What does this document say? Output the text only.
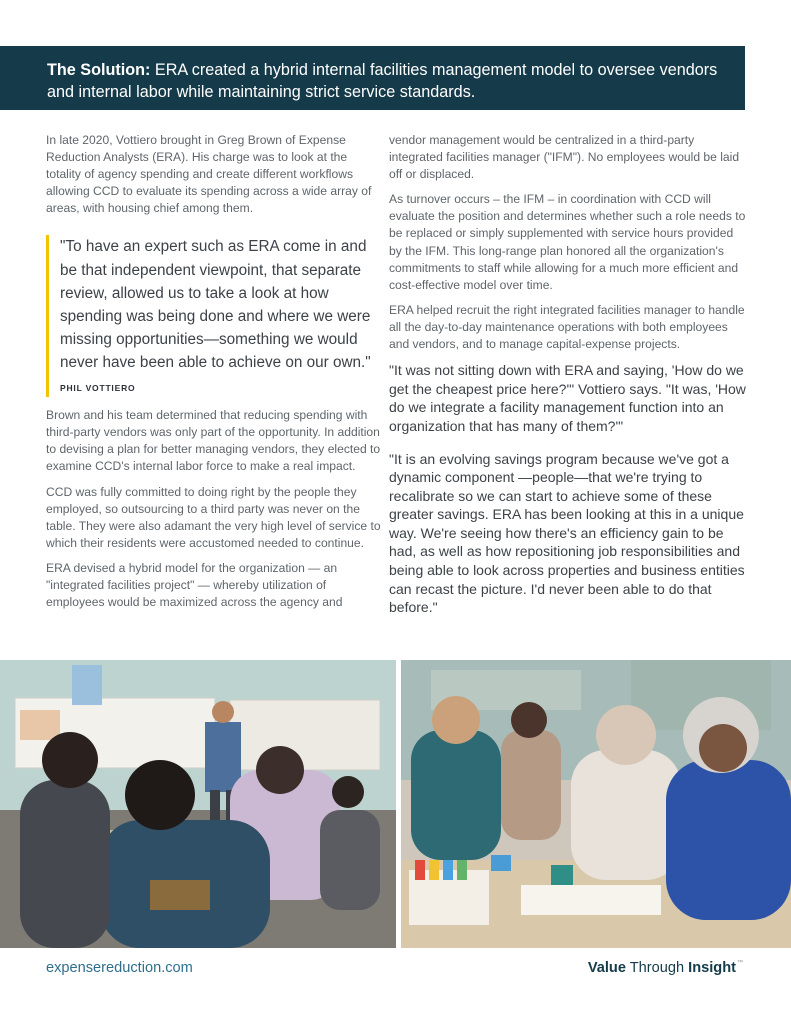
The Solution: ERA created a hybrid internal facilities management model to oversee vendors and internal labor while maintaining strict service standards.

In late 2020, Vottiero brought in Greg Brown of Expense Reduction Analysts (ERA). His charge was to look at the totality of agency spending and create different workflows allowing CCD to evaluate its spending across a wide array of areas, with housing chief among them.

"To have an expert such as ERA come in and be that independent viewpoint, that separate review, allowed us to take a look at how spending was being done and where we were missing opportunities—something we would never have been able to achieve on our own."

PHIL VOTTIERO

Brown and his team determined that reducing spending with third-party vendors was only part of the opportunity. In addition to devising a plan for better managing vendors, they elected to examine CCD's internal labor force to make a real impact.

CCD was fully committed to doing right by the people they employed, so outsourcing to a third party was never on the table. They were also adamant the very high level of service to which their residents were accustomed needed to continue.

ERA devised a hybrid model for the organization — an "integrated facilities project" — whereby utilization of employees would be maximized across the agency and

vendor management would be centralized in a third-party integrated facilities manager ("IFM"). No employees would be laid off or displaced.

As turnover occurs – the IFM – in coordination with CCD will evaluate the position and determines whether such a role needs to be replaced or simply supplemented with service hours provided by the IFM. This long-range plan honored all the organization's commitments to staff while allowing for a much more efficient and cost-effective model over time.

ERA helped recruit the right integrated facilities manager to handle all the day-to-day maintenance operations with both employees and vendors, and to manage capital-expense projects.

"It was not sitting down with ERA and saying, 'How do we get the cheapest price here?'" Vottiero says. "It was, 'How do we integrate a facility management function into an organization that has many of them?'"

"It is an evolving savings program because we've got a dynamic component —people—that we're trying to recalibrate so we can start to achieve some of these greater savings. ERA has been looking at this in a unique way. We're seeing how there's an efficiency gain to be had, as well as how repositioning job responsibilities and being able to look across properties and business entities can recast the picture. I'd never been able to do that before."

expensereduction.com	Value Through Insight™
